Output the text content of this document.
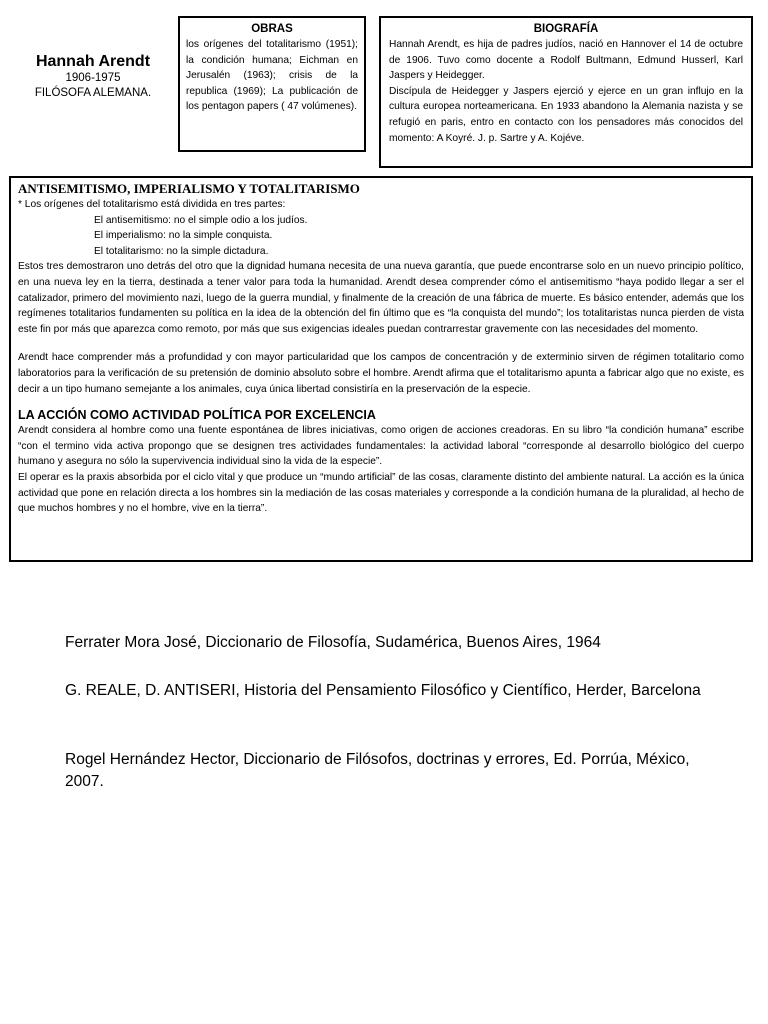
Hannah Arendt
1906-1975
FILÓSOFA ALEMANA.
OBRAS
los orígenes del totalitarismo (1951); la condición humana; Eichman en Jerusalén (1963); crisis de la republica (1969); La publicación de los pentagon papers ( 47 volúmenes).
BIOGRAFÍA
Hannah Arendt, es hija de padres judíos, nació en Hannover el 14 de octubre de 1906. Tuvo como docente a Rodolf Bultmann, Edmund Husserl, Karl Jaspers y Heidegger.
Discípula de Heidegger y Jaspers ejerció y ejerce en un gran influjo en la cultura europea norteamericana. En 1933 abandono la Alemania nazista y se refugió en paris, entro en contacto con los pensadores más conocidos del momento: A Koyré. J. p. Sartre y A. Kojéve.
ANTISEMITISMO, IMPERIALISMO Y TOTALITARISMO

* Los orígenes del totalitarismo está dividida en tres partes:

El antisemitismo: no el simple odio a los judíos.

El imperialismo: no la simple conquista.

El totalitarismo: no la simple dictadura.

Estos tres demostraron uno detrás del otro que la dignidad humana necesita de una nueva garantía, que puede encontrarse solo en un nuevo principio político, en una nueva ley en la tierra, destinada a tener valor para toda la humanidad. Arendt desea comprender cómo el antisemitismo “haya podido llegar a ser el catalizador, primero del movimiento nazi, luego de la guerra mundial, y finalmente de la creación de una fábrica de muerte. Es básico entender, además que los regímenes totalitarios fundamenten su política en la idea de la obtención del fin último que es “la conquista del mundo”; los totalitaristas nunca pierden de vista este fin por más que aparezca como remoto, por más que sus exigencias ideales puedan contrarrestar gravemente con las necesidades del momento.

Arendt hace comprender más a profundidad y con mayor particularidad que los campos de concentración y de exterminio sirven de régimen totalitario como laboratorios para la verificación de su pretensión de dominio absoluto sobre el hombre. Arendt afirma que el totalitarismo apunta a fabricar algo que no existe, es decir a un tipo humano semejante a los animales, cuya única libertad consistiría en la preservación de la especie.

LA ACCIÓN COMO ACTIVIDAD POLÍTICA POR EXCELENCIA

Arendt considera al hombre como una fuente espontánea de libres iniciativas, como origen de acciones creadoras. En su libro “la condición humana” escribe “con el termino vida activa propongo que se designen tres actividades fundamentales: la actividad laboral “corresponde al desarrollo biológico del cuerpo humano y asegura no sólo la supervivencia individual sino la vida de la especie”.

El operar es la praxis absorbida por el ciclo vital y que produce un “mundo artificial” de las cosas, claramente distinto del ambiente natural. La acción es la única actividad que pone en relación directa a los hombres sin la mediación de las cosas materiales y corresponde a la condición humana de la pluralidad, al hecho de que muchos hombres y no el hombre, vive en la tierra”.

Ferrater Mora José, Diccionario de Filosofía, Sudamérica, Buenos Aires, 1964
G. REALE, D. ANTISERI, Historia del Pensamiento Filosófico y Científico, Herder, Barcelona
Rogel Hernández Hector, Diccionario de Filósofos, doctrinas y errores, Ed. Porrúa, México, 2007.
